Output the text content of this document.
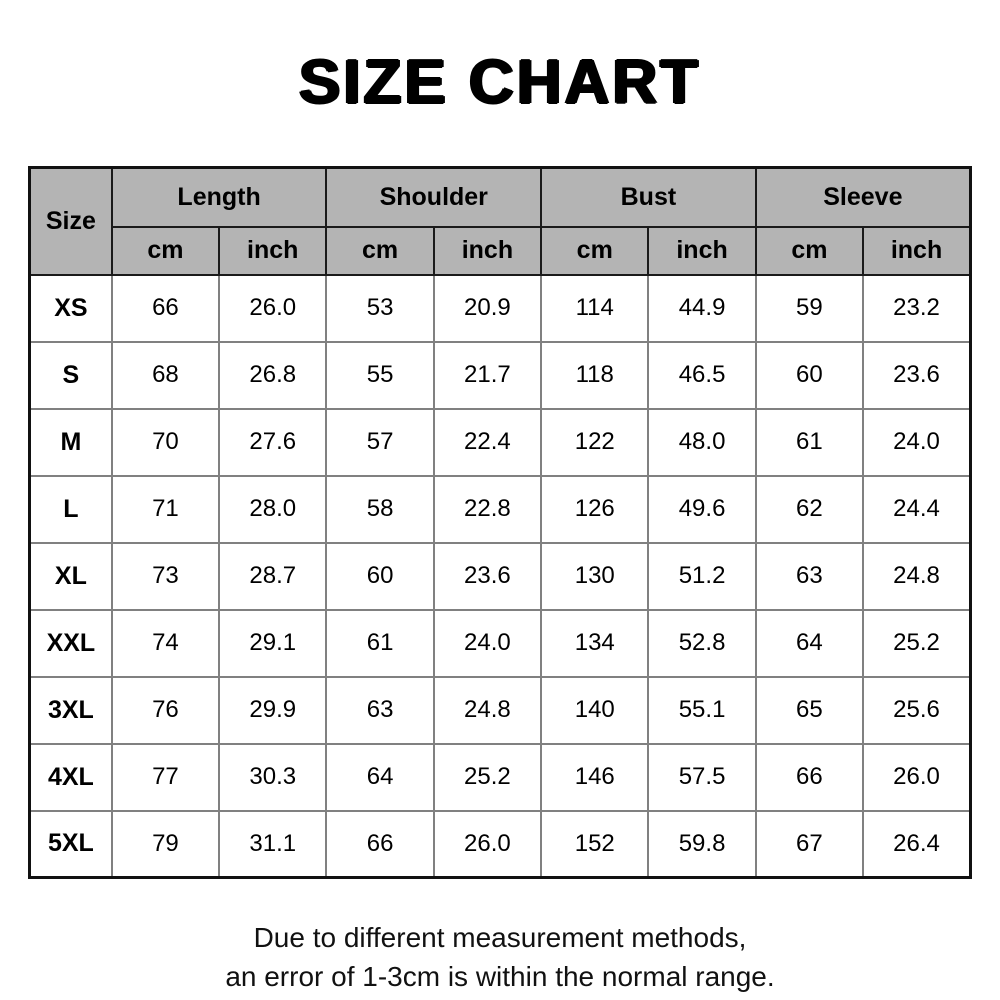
SIZE CHART
Size	Length		Shoulder		Bust		Sleeve	
	cm	inch	cm	inch	cm	inch	cm	inch
XS	66	26.0	53	20.9	114	44.9	59	23.2
S	68	26.8	55	21.7	118	46.5	60	23.6
M	70	27.6	57	22.4	122	48.0	61	24.0
L	71	28.0	58	22.8	126	49.6	62	24.4
XL	73	28.7	60	23.6	130	51.2	63	24.8
XXL	74	29.1	61	24.0	134	52.8	64	25.2
3XL	76	29.9	63	24.8	140	55.1	65	25.6
4XL	77	30.3	64	25.2	146	57.5	66	26.0
5XL	79	31.1	66	26.0	152	59.8	67	26.4

Due to different measurement methods,
an error of 1-3cm is within the normal range.
